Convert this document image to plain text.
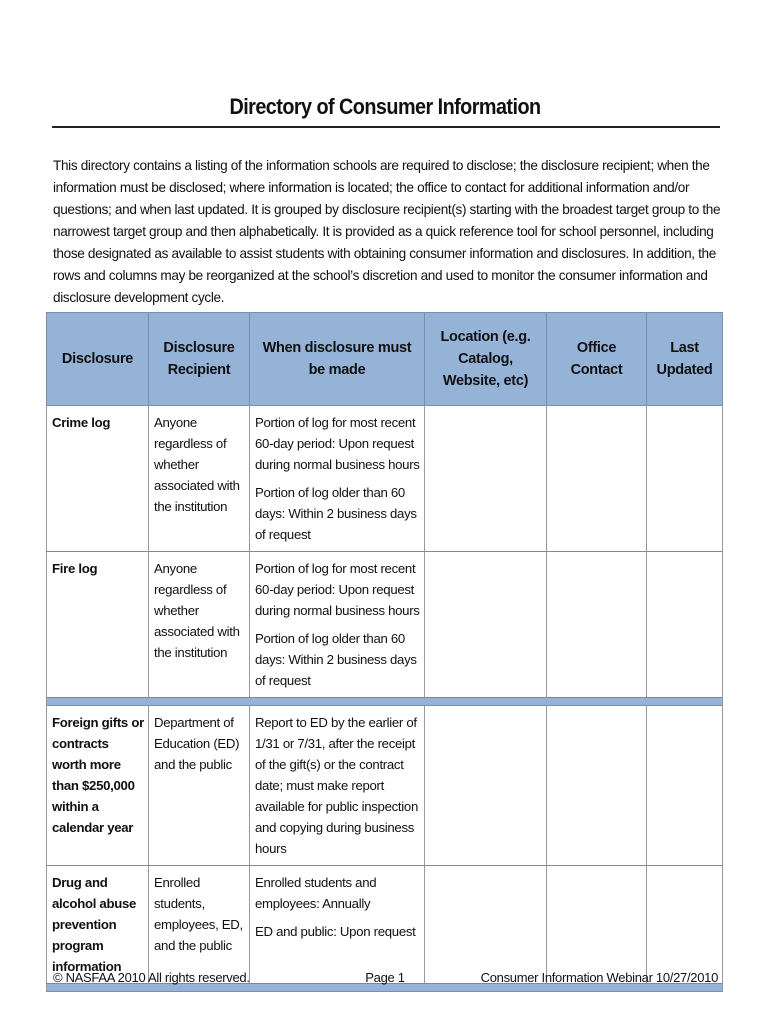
Directory of Consumer Information
This directory contains a listing of the information schools are required to disclose; the disclosure recipient; when the information must be disclosed; where information is located; the office to contact for additional information and/or questions; and when last updated. It is grouped by disclosure recipient(s) starting with the broadest target group to the narrowest target group and then alphabetically. It is provided as a quick reference tool for school personnel, including those designated as available to assist students with obtaining consumer information and disclosures. In addition, the rows and columns may be reorganized at the school’s discretion and used to monitor the consumer information and disclosure development cycle.
Disclosure	Disclosure Recipient	When disclosure must be made	Location (e.g. Catalog, Website, etc)	Office Contact	Last Updated
Crime log	Anyone regardless of whether associated with the institution	Portion of log for most recent 60-day period: Upon request during normal business hours
Portion of log older than 60 days: Within 2 business days of request			

Fire log	Anyone regardless of whether associated with the institution	Portion of log for most recent 60-day period: Upon request during normal business hours
Portion of log older than 60 days: Within 2 business days of request			

Foreign gifts or contracts worth more than $250,000 within a calendar year	Department of Education (ED) and the public	Report to ED by the earlier of 1/31 or 7/31, after the receipt of the gift(s) or the contract date; must make report available for public inspection and copying during business hours			

Drug and alcohol abuse prevention program information	Enrolled students, employees, ED, and the public	Enrolled students and employees: Annually
ED and public: Upon request			

© NASFAA 2010 All rights reserved.	Page 1	Consumer Information Webinar 10/27/2010
